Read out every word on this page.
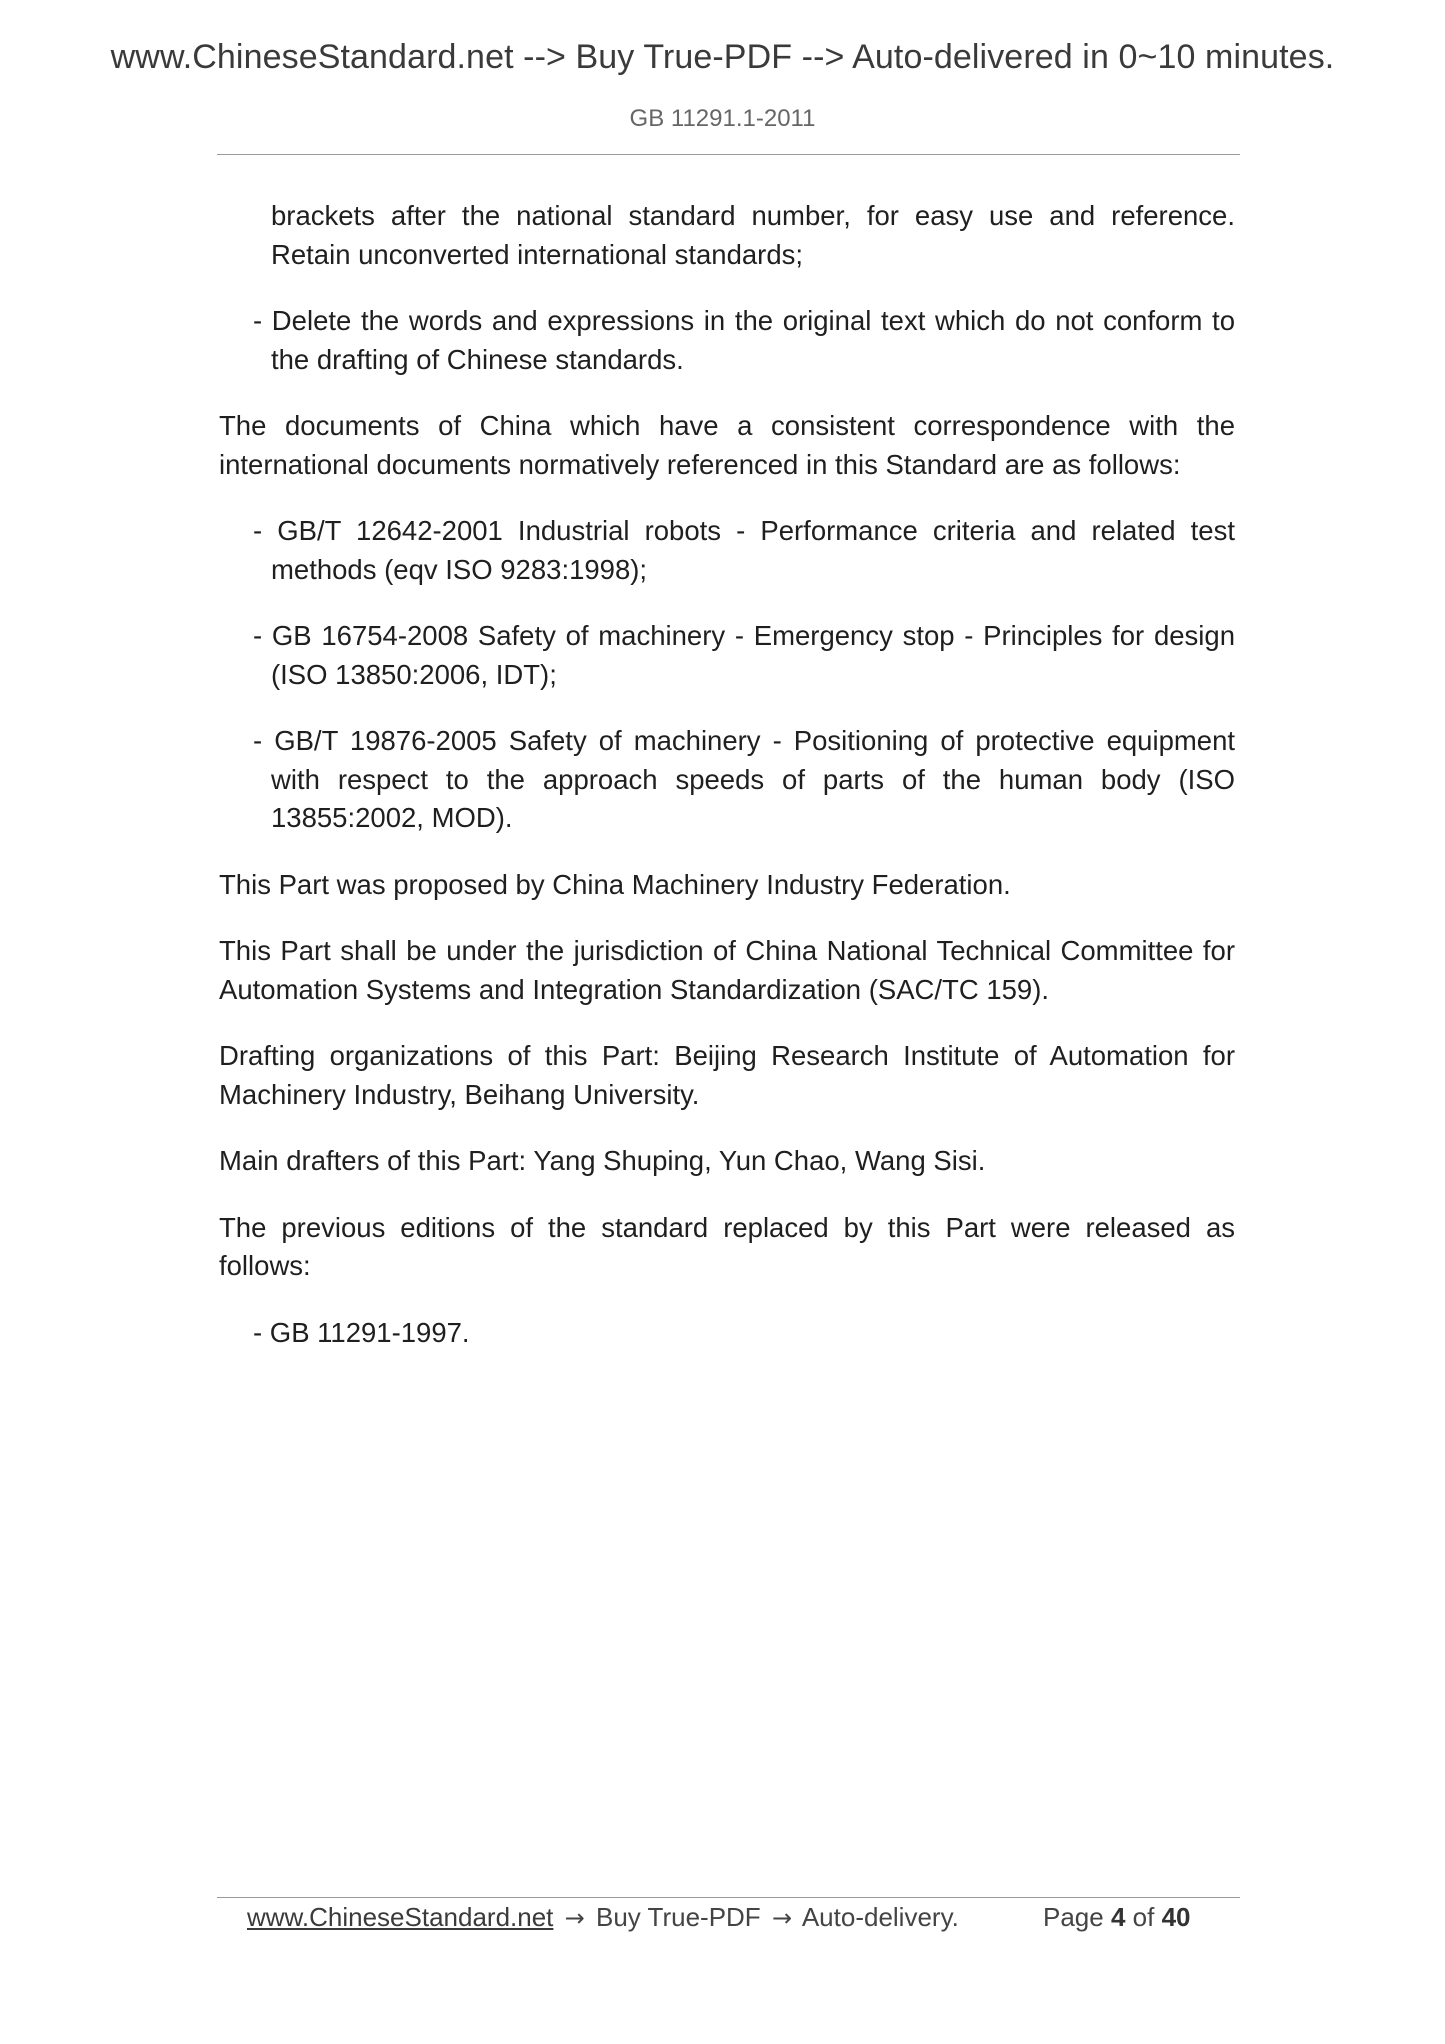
www.ChineseStandard.net --> Buy True-PDF --> Auto-delivered in 0~10 minutes.
GB 11291.1-2011

brackets after the national standard number, for easy use and reference. Retain unconverted international standards;

- Delete the words and expressions in the original text which do not conform to the drafting of Chinese standards.

The documents of China which have a consistent correspondence with the international documents normatively referenced in this Standard are as follows:

- GB/T 12642-2001 Industrial robots - Performance criteria and related test methods (eqv ISO 9283:1998);

- GB 16754-2008 Safety of machinery - Emergency stop - Principles for design (ISO 13850:2006, IDT);

- GB/T 19876-2005 Safety of machinery - Positioning of protective equipment with respect to the approach speeds of parts of the human body (ISO 13855:2002, MOD).

This Part was proposed by China Machinery Industry Federation.

This Part shall be under the jurisdiction of China National Technical Committee for Automation Systems and Integration Standardization (SAC/TC 159).

Drafting organizations of this Part: Beijing Research Institute of Automation for Machinery Industry, Beihang University.

Main drafters of this Part: Yang Shuping, Yun Chao, Wang Sisi.

The previous editions of the standard replaced by this Part were released as follows:

- GB 11291-1997.

www.ChineseStandard.net → Buy True-PDF → Auto-delivery.	Page 4 of 40
